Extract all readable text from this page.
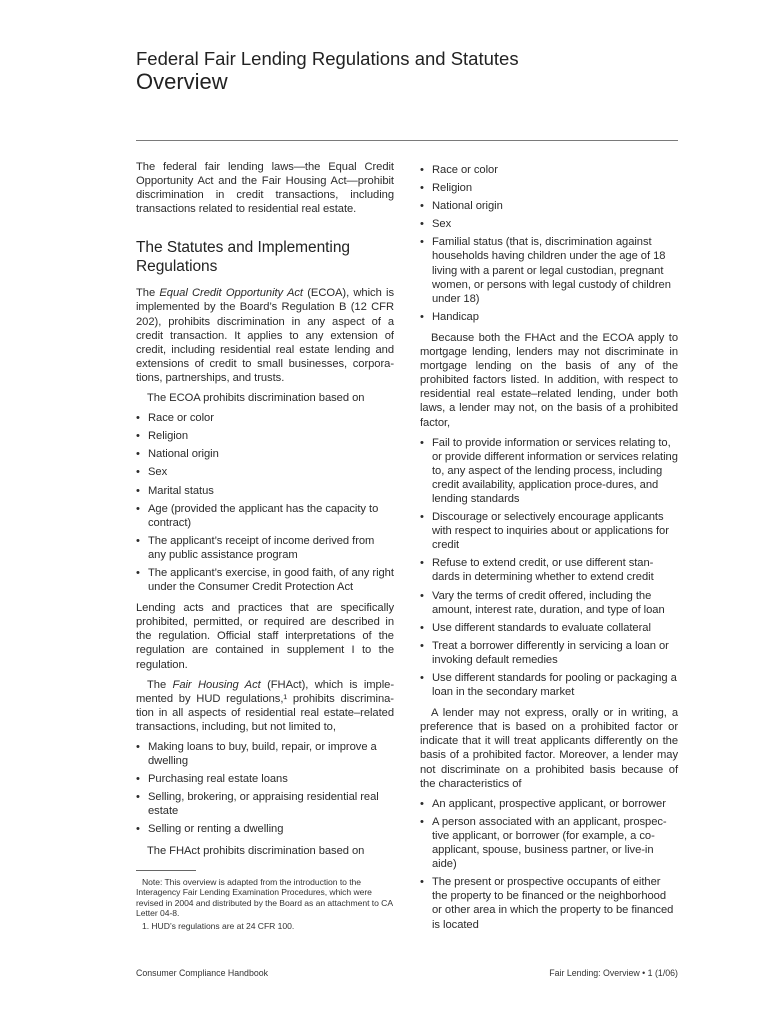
Federal Fair Lending Regulations and Statutes
Overview

The federal fair lending laws—the Equal Credit Opportunity Act and the Fair Housing Act—prohibit discrimination in credit transactions, including transactions related to residential real estate.

The Statutes and Implementing Regulations

The Equal Credit Opportunity Act (ECOA), which is implemented by the Board’s Regulation B (12 CFR 202), prohibits discrimination in any aspect of a credit transaction. It applies to any extension of credit, including residential real estate lending and extensions of credit to small businesses, corpora-tions, partnerships, and trusts.

The ECOA prohibits discrimination based on

• Race or color
• Religion
• National origin
• Sex
• Marital status
• Age (provided the applicant has the capacity to contract)
• The applicant’s receipt of income derived from any public assistance program
• The applicant’s exercise, in good faith, of any right under the Consumer Credit Protection Act

Lending acts and practices that are specifically prohibited, permitted, or required are described in the regulation. Official staff interpretations of the regulation are contained in supplement I to the regulation.

The Fair Housing Act (FHAct), which is imple-mented by HUD regulations,¹ prohibits discrimina-tion in all aspects of residential real estate–related transactions, including, but not limited to,

• Making loans to buy, build, repair, or improve a dwelling
• Purchasing real estate loans
• Selling, brokering, or appraising residential real estate
• Selling or renting a dwelling

The FHAct prohibits discrimination based on

Note: This overview is adapted from the introduction to the Interagency Fair Lending Examination Procedures, which were revised in 2004 and distributed by the Board as an attachment to CA Letter 04-8.

1. HUD’s regulations are at 24 CFR 100.

• Race or color
• Religion
• National origin
• Sex
• Familial status (that is, discrimination against households having children under the age of 18 living with a parent or legal custodian, pregnant women, or persons with legal custody of children under 18)
• Handicap

Because both the FHAct and the ECOA apply to mortgage lending, lenders may not discriminate in mortgage lending on the basis of any of the prohibited factors listed. In addition, with respect to residential real estate–related lending, under both laws, a lender may not, on the basis of a prohibited factor,

• Fail to provide information or services relating to, or provide different information or services relating to, any aspect of the lending process, including credit availability, application proce-dures, and lending standards
• Discourage or selectively encourage applicants with respect to inquiries about or applications for credit
• Refuse to extend credit, or use different stan-dards in determining whether to extend credit
• Vary the terms of credit offered, including the amount, interest rate, duration, and type of loan
• Use different standards to evaluate collateral
• Treat a borrower differently in servicing a loan or invoking default remedies
• Use different standards for pooling or packaging a loan in the secondary market

A lender may not express, orally or in writing, a preference that is based on a prohibited factor or indicate that it will treat applicants differently on the basis of a prohibited factor. Moreover, a lender may not discriminate on a prohibited basis because of the characteristics of

• An applicant, prospective applicant, or borrower
• A person associated with an applicant, prospec-tive applicant, or borrower (for example, a co-applicant, spouse, business partner, or live-in aide)
• The present or prospective occupants of either the property to be financed or the neighborhood or other area in which the property to be financed is located
Consumer Compliance Handbook	Fair Lending: Overview • 1 (1/06)
